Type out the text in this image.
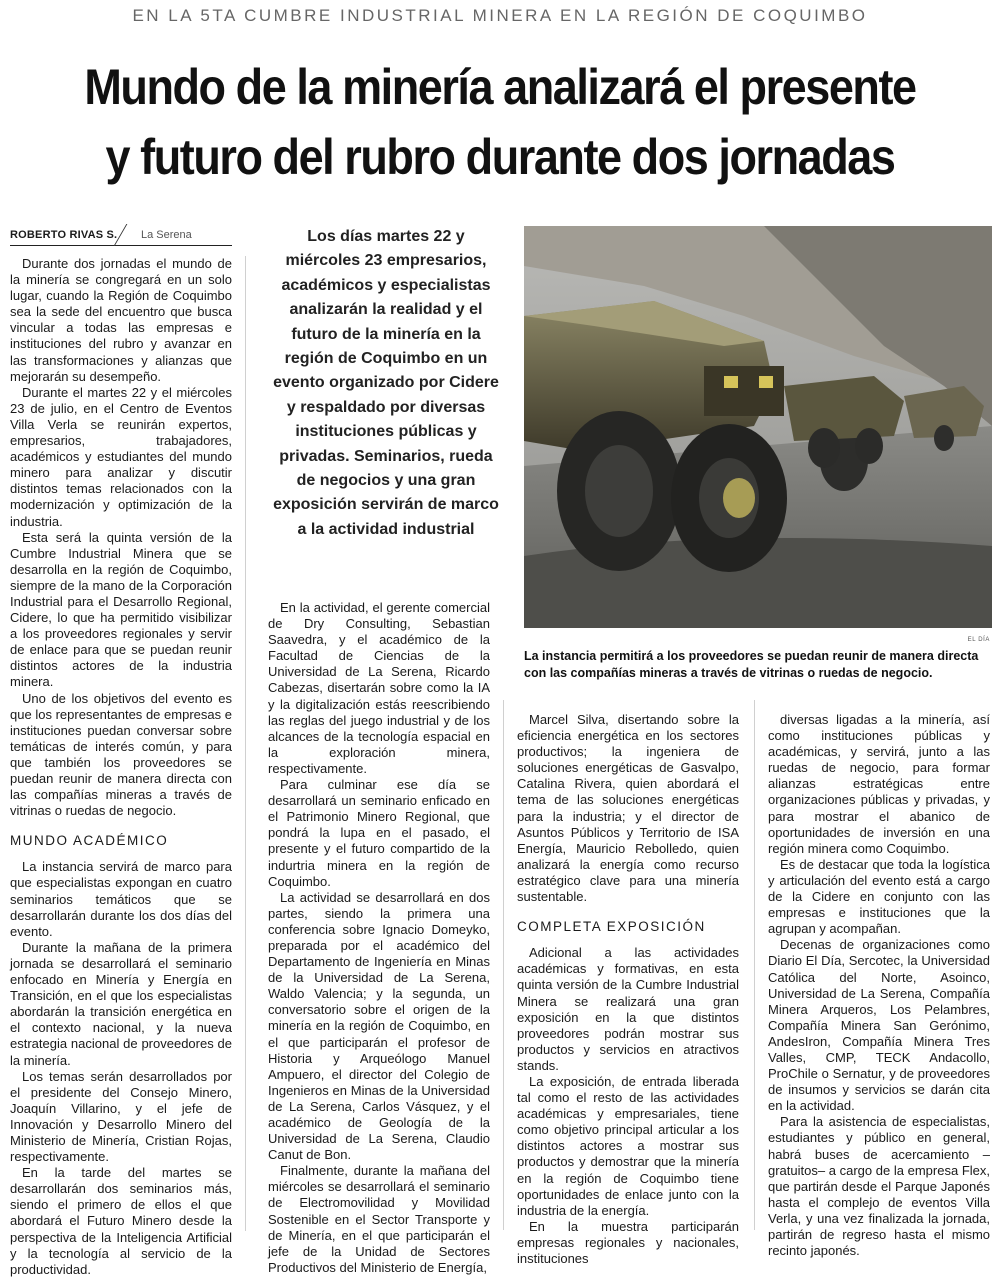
EN LA 5TA CUMBRE INDUSTRIAL MINERA EN LA REGIÓN DE COQUIMBO
Mundo de la minería analizará el presente
y futuro del rubro durante dos jornadas
ROBERTO RIVAS S. La Serena	Los días martes 22 y miércoles 23 empresarios, académicos y especialistas analizarán la realidad y el futuro de la minería en la región de Coquimbo en un evento organizado por Cidere y respaldado por diversas instituciones públicas y privadas. Seminarios, rueda de negocios y una gran exposición servirán de marco a la actividad industrial
EL DÍA
La instancia permitirá a los proveedores se puedan reunir de manera directa con las compañías mineras a través de vitrinas o ruedas de negocio.

Durante dos jornadas el mundo de la minería se congregará en un solo lugar, cuando la Región de Coquimbo sea la sede del encuentro que busca vincular a todas las empresas e instituciones del rubro y avanzar en las transformaciones y alianzas que mejorarán su desempeño.

Durante el martes 22 y el miércoles 23 de julio, en el Centro de Eventos Villa Verla se reunirán expertos, empresarios, trabajadores, académicos y estudiantes del mundo minero para analizar y discutir distintos temas relacionados con la modernización y optimización de la industria.

Esta será la quinta versión de la Cumbre Industrial Minera que se desarrolla en la región de Coquimbo, siempre de la mano de la Corporación Industrial para el Desarrollo Regional, Cidere, lo que ha permitido visibilizar a los proveedores regionales y servir de enlace para que se puedan reunir distintos actores de la industria minera.

Uno de los objetivos del evento es que los representantes de empresas e instituciones puedan conversar sobre temáticas de interés común, y para que también los proveedores se puedan reunir de manera directa con las compañías mineras a través de vitrinas o ruedas de negocio.

MUNDO ACADÉMICO

La instancia servirá de marco para que especialistas expongan en cuatro seminarios temáticos que se desarrollarán durante los dos días del evento.

Durante la mañana de la primera jornada se desarrollará el seminario enfocado en Minería y Energía en Transición, en el que los especialistas abordarán la transición energética en el contexto nacional, y la nueva estrategia nacional de proveedores de la minería.

Los temas serán desarrollados por el presidente del Consejo Minero, Joaquín Villarino, y el jefe de Innovación y Desarrollo Minero del Ministerio de Minería, Cristian Rojas, respectivamente.

En la tarde del martes se desarrollarán dos seminarios más, siendo el primero de ellos el que abordará el Futuro Minero desde la perspectiva de la Inteligencia Artificial y la tecnología al servicio de la productividad.

En la actividad, el gerente comercial de Dry Consulting, Sebastian Saavedra, y el académico de la Facultad de Ciencias de la Universidad de La Serena, Ricardo Cabezas, disertarán sobre como la IA y la digitalización estás reescribiendo las reglas del juego industrial y de los alcances de la tecnología espacial en la exploración minera, respectivamente.

Para culminar ese día se desarrollará un seminario enficado en el Patrimonio Minero Regional, que pondrá la lupa en el pasado, el presente y el futuro compartido de la indurtria minera en la región de Coquimbo.

La actividad se desarrollará en dos partes, siendo la primera una conferencia sobre Ignacio Domeyko, preparada por el académico del Departamento de Ingeniería en Minas de la Universidad de La Serena, Waldo Valencia; y la segunda, un conversatorio sobre el origen de la minería en la región de Coquimbo, en el que participarán el profesor de Historia y Arqueólogo Manuel Ampuero, el director del Colegio de Ingenieros en Minas de la Universidad de La Serena, Carlos Vásquez, y el académico de Geología de la Universidad de La Serena, Claudio Canut de Bon.

Finalmente, durante la mañana del miércoles se desarrollará el seminario de Electromovilidad y Movilidad Sostenible en el Sector Transporte y de Minería, en el que participarán el jefe de la Unidad de Sectores Productivos del Ministerio de Energía,

Marcel Silva, disertando sobre la eficiencia energética en los sectores productivos; la ingeniera de soluciones energéticas de Gasvalpo, Catalina Rivera, quien abordará el tema de las soluciones energéticas para la industria; y el director de Asuntos Públicos y Territorio de ISA Energía, Mauricio Rebolledo, quien analizará la energía como recurso estratégico clave para una minería sustentable.

COMPLETA EXPOSICIÓN

Adicional a las actividades académicas y formativas, en esta quinta versión de la Cumbre Industrial Minera se realizará una gran exposición en la que distintos proveedores podrán mostrar sus productos y servicios en atractivos stands.

La exposición, de entrada liberada tal como el resto de las actividades académicas y empresariales, tiene como objetivo principal articular a los distintos actores a mostrar sus productos y demostrar que la minería en la región de Coquimbo tiene oportunidades de enlace junto con la industria de la energía.

En la muestra participarán empresas regionales y nacionales, instituciones

diversas ligadas a la minería, así como instituciones públicas y académicas, y servirá, junto a las ruedas de negocio, para formar alianzas estratégicas entre organizaciones públicas y privadas, y para mostrar el abanico de oportunidades de inversión en una región minera como Coquimbo.

Es de destacar que toda la logística y articulación del evento está a cargo de la Cidere en conjunto con las empresas e instituciones que la agrupan y acompañan.

Decenas de organizaciones como Diario El Día, Sercotec, la Universidad Católica del Norte, Asoinco, Universidad de La Serena, Compañía Minera Arqueros, Los Pelambres, Compañía Minera San Gerónimo, AndesIron, Compañía Minera Tres Valles, CMP, TECK Andacollo, ProChile o Sernatur, y de proveedores de insumos y servicios se darán cita en la actividad.

Para la asistencia de especialistas, estudiantes y público en general, habrá buses de acercamiento –gratuitos– a cargo de la empresa Flex, que partirán desde el Parque Japonés hasta el complejo de eventos Villa Verla, y una vez finalizada la jornada, partirán de regreso hasta el mismo recinto japonés.
